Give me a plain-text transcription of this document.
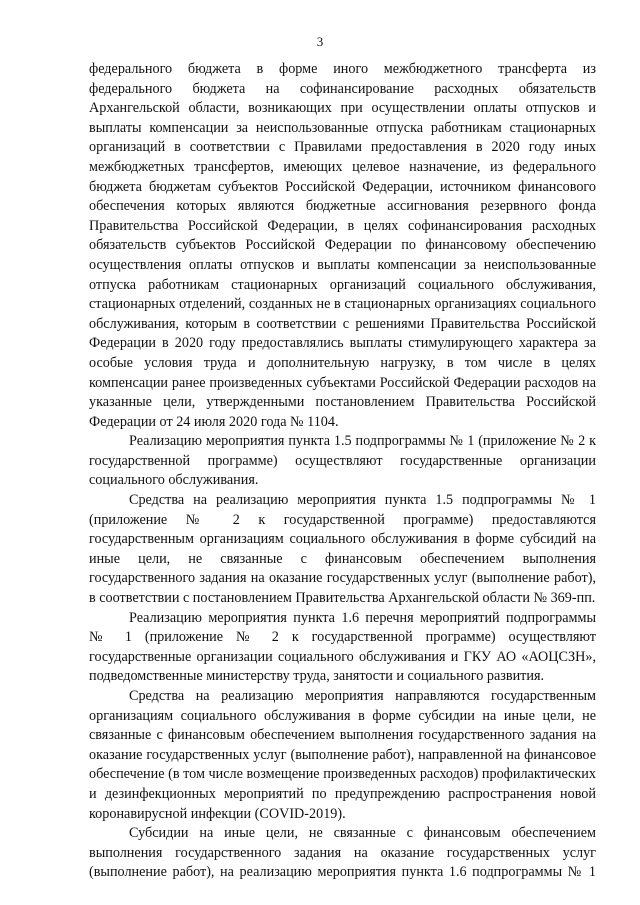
3

федерального бюджета в форме иного межбюджетного трансферта из федерального бюджета на софинансирование расходных обязательств Архангельской области, возникающих при осуществлении оплаты отпусков и выплаты компенсации за неиспользованные отпуска работникам стационарных организаций в соответствии с Правилами предоставления в 2020 году иных межбюджетных трансфертов, имеющих целевое назначение, из федерального бюджета бюджетам субъектов Российской Федерации, источником финансового обеспечения которых являются бюджетные ассигнования резервного фонда Правительства Российской Федерации, в целях софинансирования расходных обязательств субъектов Российской Федерации по финансовому обеспечению осуществления оплаты отпусков и выплаты компенсации за неиспользованные отпуска работникам стационарных организаций социального обслуживания, стационарных отделений, созданных не в стационарных организациях социального обслуживания, которым в соответствии с решениями Правительства Российской Федерации в 2020 году предоставлялись выплаты стимулирующего характера за особые условия труда и дополнительную нагрузку, в том числе в целях компенсации ранее произведенных субъектами Российской Федерации расходов на указанные цели, утвержденными постановлением Правительства Российской Федерации от 24 июля 2020 года № 1104.

Реализацию мероприятия пункта 1.5 подпрограммы № 1 (приложение № 2 к государственной программе) осуществляют государственные организации социального обслуживания.

Средства на реализацию мероприятия пункта 1.5 подпрограммы № 1 (приложение № 2 к государственной программе) предоставляются государственным организациям социального обслуживания в форме субсидий на иные цели, не связанные с финансовым обеспечением выполнения государственного задания на оказание государственных услуг (выполнение работ), в соответствии с постановлением Правительства Архангельской области № 369-пп.

Реализацию мероприятия пункта 1.6 перечня мероприятий подпрограммы № 1 (приложение № 2 к государственной программе) осуществляют государственные организации социального обслуживания и ГКУ АО «АОЦСЗН», подведомственные министерству труда, занятости и социального развития.

Средства на реализацию мероприятия направляются государственным организациям социального обслуживания в форме субсидии на иные цели, не связанные с финансовым обеспечением выполнения государственного задания на оказание государственных услуг (выполнение работ), направленной на финансовое обеспечение (в том числе возмещение произведенных расходов) профилактических и дезинфекционных мероприятий по предупреждению распространения новой коронавирусной инфекции (COVID-2019).

Субсидии на иные цели, не связанные с финансовым обеспечением выполнения государственного задания на оказание государственных услуг (выполнение работ), на реализацию мероприятия пункта 1.6 подпрограммы № 1
